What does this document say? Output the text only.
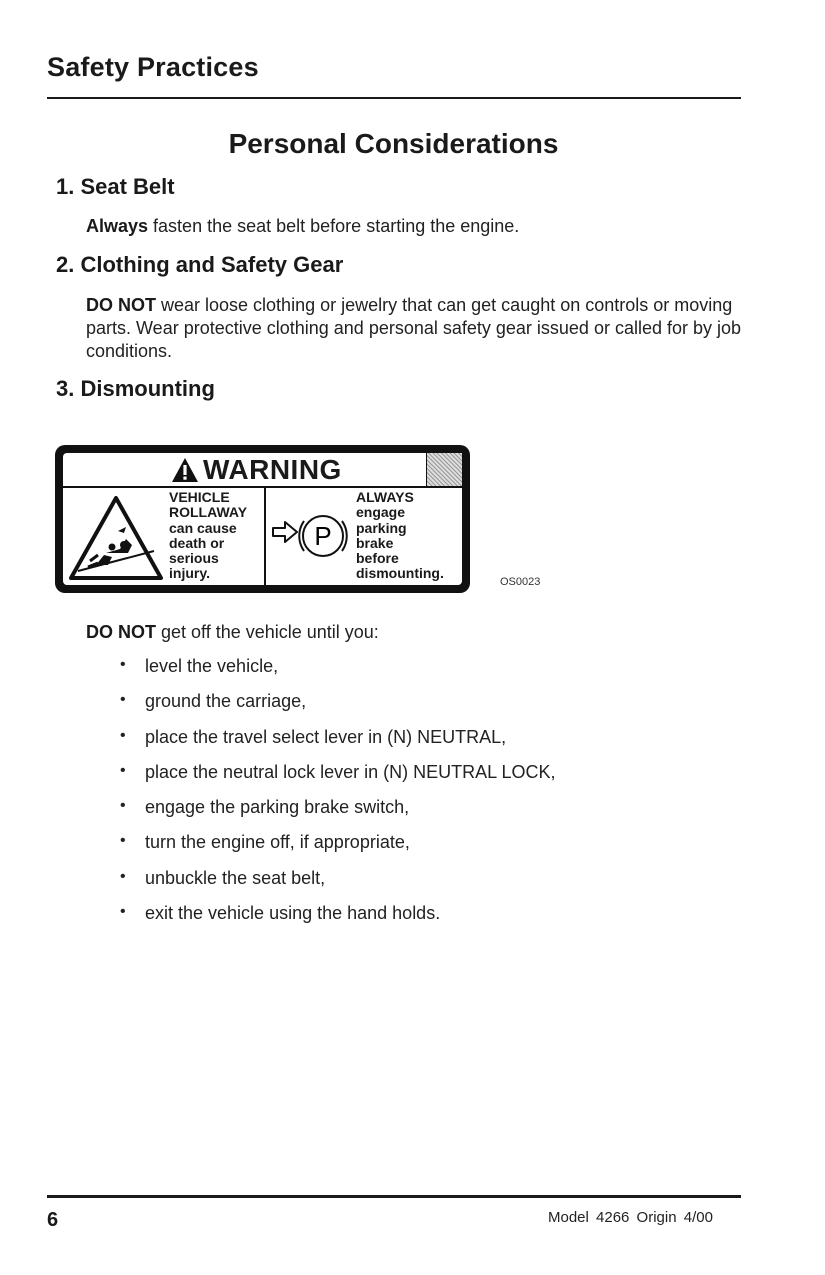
Safety Practices
Personal Considerations
1. Seat Belt
Always fasten the seat belt before starting the engine.
2. Clothing and Safety Gear
DO NOT wear loose clothing or jewelry that can get caught on controls or moving parts. Wear protective clothing and personal safety gear issued or called for by job conditions.
3. Dismounting
WARNING
VEHICLE
ROLLAWAY
can cause
death or
serious
injury.
P
ALWAYS
engage
parking
brake
before
dismounting.
OS0023
DO NOT get off the vehicle until you:
• level the vehicle,
• ground the carriage,
• place the travel select lever in (N) NEUTRAL,
• place the neutral lock lever in (N) NEUTRAL LOCK,
• engage the parking brake switch,
• turn the engine off, if appropriate,
• unbuckle the seat belt,
• exit the vehicle using the hand holds.
6	Model 4266 Origin 4/00
